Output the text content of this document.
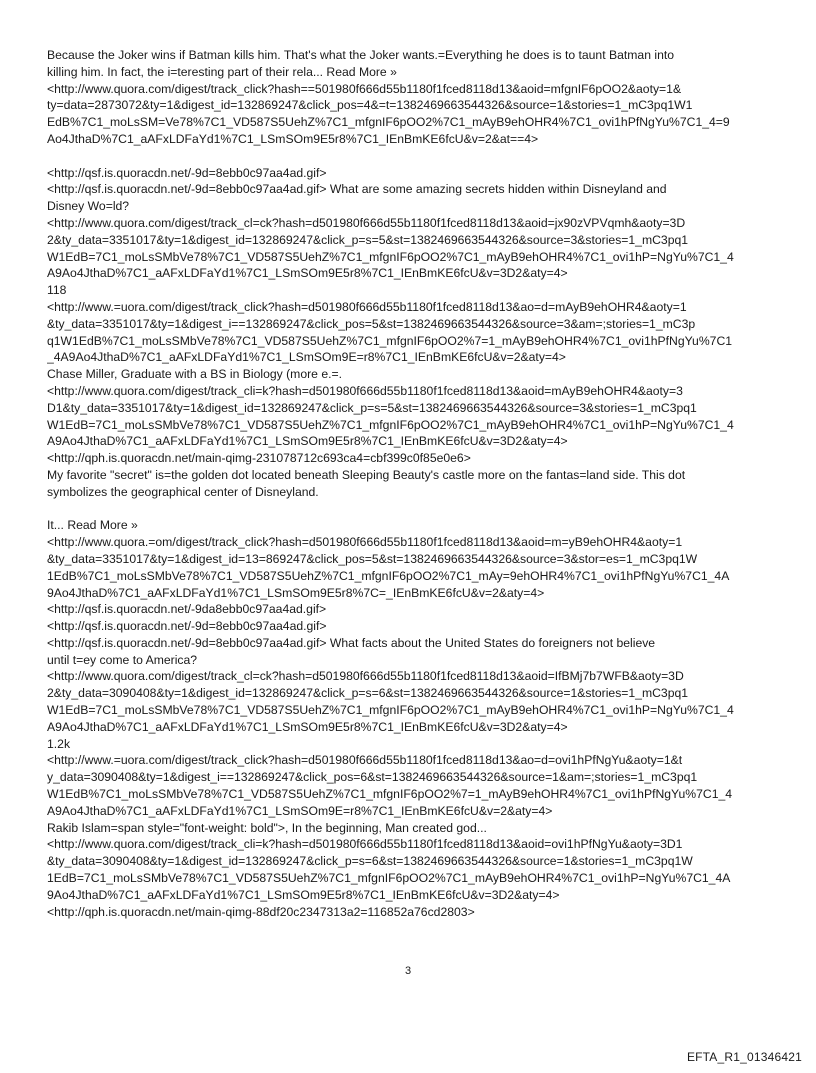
Because the Joker wins if Batman kills him. That's what the Joker wants.=Everything he does is to taunt Batman into
killing him. In fact, the i=teresting part of their rela... Read More »
<http://www.quora.com/digest/track_click?hash==501980f666d55b1180f1fced8118d13&aoid=mfgnIF6pOO2&aoty=1&
ty=data=2873072&ty=1&digest_id=132869247&click_pos=4&=t=1382469663544326&source=1&stories=1_mC3pq1W1
EdB%7C1_moLsSM=Ve78%7C1_VD587S5UehZ%7C1_mfgnIF6pOO2%7C1_mAyB9ehOHR4%7C1_ovi1hPfNgYu%7C1_4=9
Ao4JthaD%7C1_aAFxLDFaYd1%7C1_LSmSOm9E5r8%7C1_IEnBmKE6fcU&v=2&at==4>
<http://qsf.is.quoracdn.net/-9d=8ebb0c97aa4ad.gif>
<http://qsf.is.quoracdn.net/-9d=8ebb0c97aa4ad.gif> What are some amazing secrets hidden within Disneyland and
Disney Wo=ld?
<http://www.quora.com/digest/track_cl=ck?hash=d501980f666d55b1180f1fced8118d13&aoid=jx90zVPVqmh&aoty=3D
2&ty_data=3351017&ty=1&digest_id=132869247&click_p=s=5&st=1382469663544326&source=3&stories=1_mC3pq1
W1EdB=7C1_moLsSMbVe78%7C1_VD587S5UehZ%7C1_mfgnIF6pOO2%7C1_mAyB9ehOHR4%7C1_ovi1hP=NgYu%7C1_4
A9Ao4JthaD%7C1_aAFxLDFaYd1%7C1_LSmSOm9E5r8%7C1_IEnBmKE6fcU&v=3D2&aty=4>
118
<http://www.=uora.com/digest/track_click?hash=d501980f666d55b1180f1fced8118d13&ao=d=mAyB9ehOHR4&aoty=1
&ty_data=3351017&ty=1&digest_i==132869247&click_pos=5&st=1382469663544326&source=3&am=;stories=1_mC3p
q1W1EdB%7C1_moLsSMbVe78%7C1_VD587S5UehZ%7C1_mfgnIF6pOO2%7=1_mAyB9ehOHR4%7C1_ovi1hPfNgYu%7C1
_4A9Ao4JthaD%7C1_aAFxLDFaYd1%7C1_LSmSOm9E=r8%7C1_IEnBmKE6fcU&v=2&aty=4>
Chase Miller, Graduate with a BS in Biology (more e.=.
<http://www.quora.com/digest/track_cli=k?hash=d501980f666d55b1180f1fced8118d13&aoid=mAyB9ehOHR4&aoty=3
D1&ty_data=3351017&ty=1&digest_id=132869247&click_p=s=5&st=1382469663544326&source=3&stories=1_mC3pq1
W1EdB=7C1_moLsSMbVe78%7C1_VD587S5UehZ%7C1_mfgnIF6pOO2%7C1_mAyB9ehOHR4%7C1_ovi1hP=NgYu%7C1_4
A9Ao4JthaD%7C1_aAFxLDFaYd1%7C1_LSmSOm9E5r8%7C1_IEnBmKE6fcU&v=3D2&aty=4>
<http://qph.is.quoracdn.net/main-qimg-231078712c693ca4=cbf399c0f85e0e6>
My favorite "secret" is=the golden dot located beneath Sleeping Beauty's castle more on the fantas=land side. This dot
symbolizes the geographical center of Disneyland.
It... Read More »
<http://www.quora.=om/digest/track_click?hash=d501980f666d55b1180f1fced8118d13&aoid=m=yB9ehOHR4&aoty=1
&ty_data=3351017&ty=1&digest_id=13=869247&click_pos=5&st=1382469663544326&source=3&stor=es=1_mC3pq1W
1EdB%7C1_moLsSMbVe78%7C1_VD587S5UehZ%7C1_mfgnIF6pOO2%7C1_mAy=9ehOHR4%7C1_ovi1hPfNgYu%7C1_4A
9Ao4JthaD%7C1_aAFxLDFaYd1%7C1_LSmSOm9E5r8%7C=_IEnBmKE6fcU&v=2&aty=4>
<http://qsf.is.quoracdn.net/-9da8ebb0c97aa4ad.gif>
<http://qsf.is.quoracdn.net/-9d=8ebb0c97aa4ad.gif>
<http://qsf.is.quoracdn.net/-9d=8ebb0c97aa4ad.gif> What facts about the United States do foreigners not believe
until t=ey come to America?
<http://www.quora.com/digest/track_cl=ck?hash=d501980f666d55b1180f1fced8118d13&aoid=IfBMj7b7WFB&aoty=3D
2&ty_data=3090408&ty=1&digest_id=132869247&click_p=s=6&st=1382469663544326&source=1&stories=1_mC3pq1
W1EdB=7C1_moLsSMbVe78%7C1_VD587S5UehZ%7C1_mfgnIF6pOO2%7C1_mAyB9ehOHR4%7C1_ovi1hP=NgYu%7C1_4
A9Ao4JthaD%7C1_aAFxLDFaYd1%7C1_LSmSOm9E5r8%7C1_IEnBmKE6fcU&v=3D2&aty=4>
1.2k
<http://www.=uora.com/digest/track_click?hash=d501980f666d55b1180f1fced8118d13&ao=d=ovi1hPfNgYu&aoty=1&t
y_data=3090408&ty=1&digest_i==132869247&click_pos=6&st=1382469663544326&source=1&am=;stories=1_mC3pq1
W1EdB%7C1_moLsSMbVe78%7C1_VD587S5UehZ%7C1_mfgnIF6pOO2%7=1_mAyB9ehOHR4%7C1_ovi1hPfNgYu%7C1_4
A9Ao4JthaD%7C1_aAFxLDFaYd1%7C1_LSmSOm9E=r8%7C1_IEnBmKE6fcU&v=2&aty=4>
Rakib Islam=span style="font-weight: bold">, In the beginning, Man created god...
<http://www.quora.com/digest/track_cli=k?hash=d501980f666d55b1180f1fced8118d13&aoid=ovi1hPfNgYu&aoty=3D1
&ty_data=3090408&ty=1&digest_id=132869247&click_p=s=6&st=1382469663544326&source=1&stories=1_mC3pq1W
1EdB=7C1_moLsSMbVe78%7C1_VD587S5UehZ%7C1_mfgnIF6pOO2%7C1_mAyB9ehOHR4%7C1_ovi1hP=NgYu%7C1_4A
9Ao4JthaD%7C1_aAFxLDFaYd1%7C1_LSmSOm9E5r8%7C1_IEnBmKE6fcU&v=3D2&aty=4>
<http://qph.is.quoracdn.net/main-qimg-88df20c2347313a2=116852a76cd2803>
3
EFTA_R1_01346421
